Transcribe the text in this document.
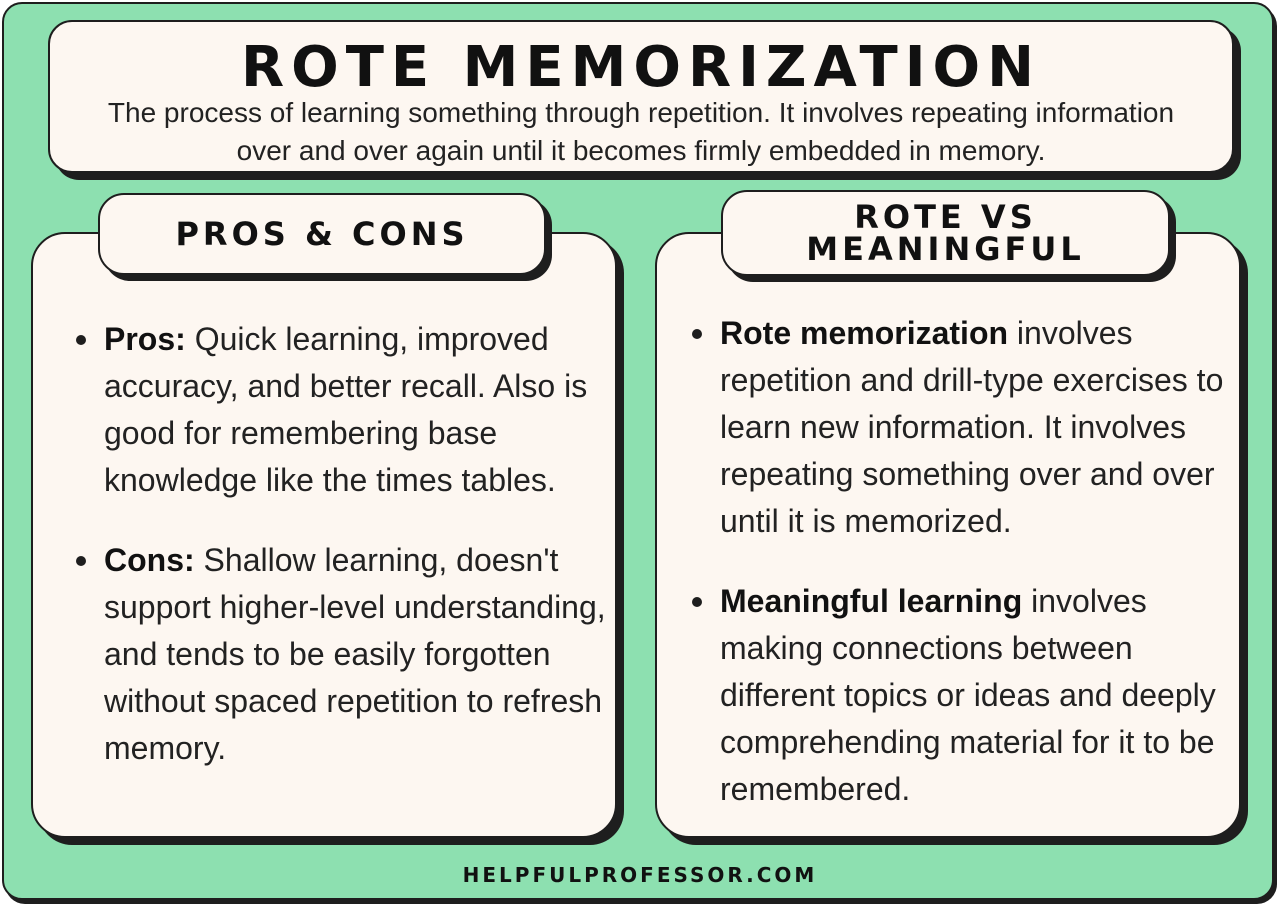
ROTE MEMORIZATION
The process of learning something through repetition. It involves repeating information over and over again until it becomes firmly embedded in memory.
Pros: Quick learning, improved accuracy, and better recall. Also is good for remembering base knowledge like the times tables.
Cons: Shallow learning, doesn't support higher-level understanding, and tends to be easily forgotten without spaced repetition to refresh memory.
PROS & CONS
Rote memorization involves repetition and drill-type exercises to learn new information. It involves repeating something over and over until it is memorized.
Meaningful learning involves making connections between different topics or ideas and deeply comprehending material for it to be remembered.
ROTE VS MEANINGFUL
HELPFULPROFESSOR.COM
